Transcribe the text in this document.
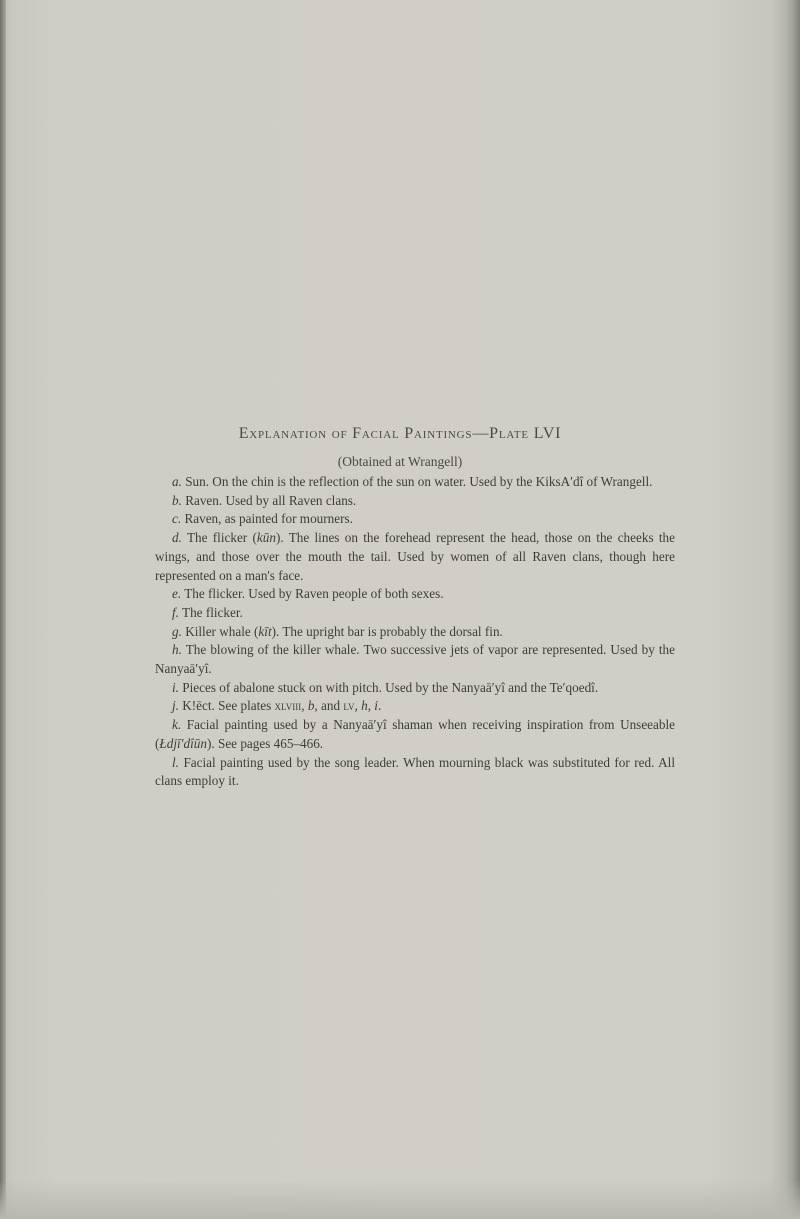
Explanation of Facial Paintings—Plate LVI
(Obtained at Wrangell)

a. Sun. On the chin is the reflection of the sun on water. Used by the KiksA′dî of Wrangell.

b. Raven. Used by all Raven clans.

c. Raven, as painted for mourners.

d. The flicker (kūn). The lines on the forehead represent the head, those on the cheeks the wings, and those over the mouth the tail. Used by women of all Raven clans, though here represented on a man's face.

e. The flicker. Used by Raven people of both sexes.

f. The flicker.

g. Killer whale (kīt). The upright bar is probably the dorsal fin.

h. The blowing of the killer whale. Two successive jets of vapor are represented. Used by the Nanyaā′yî.

i. Pieces of abalone stuck on with pitch. Used by the Nanyaā′yî and the Te′qoedî.

j. K!ēct. See plates xlviii, b, and lv, h, i.

k. Facial painting used by a Nanyaā′yî shaman when receiving inspiration from Unseeable (Łdjī′dîūn). See pages 465–466.

l. Facial painting used by the song leader. When mourning black was substituted for red. All clans employ it.
